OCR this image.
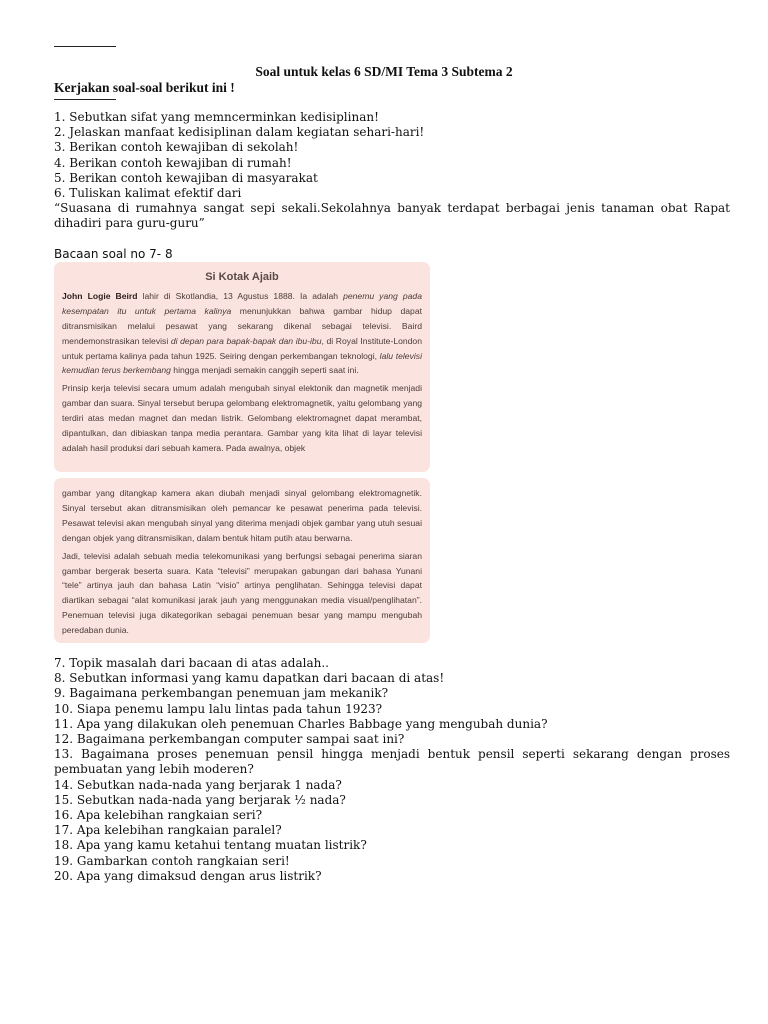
Soal untuk kelas 6 SD/MI Tema 3 Subtema 2
Kerjakan soal-soal berikut ini !
1. Sebutkan sifat yang memncerminkan kedisiplinan!
2. Jelaskan manfaat kedisiplinan dalam kegiatan sehari-hari!
3. Berikan contoh kewajiban di sekolah!
4. Berikan contoh kewajiban di rumah!
5. Berikan contoh kewajiban di masyarakat
6. Tuliskan kalimat efektif dari
“Suasana di rumahnya sangat sepi sekali.Sekolahnya banyak terdapat berbagai jenis tanaman obat Rapat dihadiri para guru-guru”
Bacaan soal no 7- 8
Si Kotak Ajaib

John Logie Beird lahir di Skotlandia, 13 Agustus 1888. Ia adalah penemu yang pada kesempatan itu untuk pertama kalinya menunjukkan bahwa gambar hidup dapat ditransmisikan melalui pesawat yang sekarang dikenal sebagai televisi. Baird mendemonstrasikan televisi di depan para bapak-bapak dan ibu-ibu, di Royal Institute-London untuk pertama kalinya pada tahun 1925. Seiring dengan perkembangan teknologi, lalu televisi kemudian terus berkembang hingga menjadi semakin canggih seperti saat ini.

Prinsip kerja televisi secara umum adalah mengubah sinyal elektonik dan magnetik menjadi gambar dan suara. Sinyal tersebut berupa gelombang elektromagnetik, yaitu gelombang yang terdiri atas medan magnet dan medan listrik. Gelombang elektromagnet dapat merambat, dipantulkan, dan dibiaskan tanpa media perantara. Gambar yang kita lihat di layar televisi adalah hasil produksi dari sebuah kamera. Pada awalnya, objek

gambar yang ditangkap kamera akan diubah menjadi sinyal gelombang elektromagnetik. Sinyal tersebut akan ditransmisikan oleh pemancar ke pesawat penerima pada televisi. Pesawat televisi akan mengubah sinyal yang diterima menjadi objek gambar yang utuh sesuai dengan objek yang ditransmisikan, dalam bentuk hitam putih atau berwarna.

Jadi, televisi adalah sebuah media telekomunikasi yang berfungsi sebagai penerima siaran gambar bergerak beserta suara. Kata “televisi” merupakan gabungan dari bahasa Yunani “tele” artinya jauh dan bahasa Latin “visio” artinya penglihatan. Sehingga televisi dapat diartikan sebagai “alat komunikasi jarak jauh yang menggunakan media visual/penglihatan”. Penemuan televisi juga dikategorikan sebagai penemuan besar yang mampu mengubah peredaban dunia.

7. Topik masalah dari bacaan di atas adalah..
8. Sebutkan informasi yang kamu dapatkan dari bacaan di atas!
9. Bagaimana perkembangan penemuan jam mekanik?
10. Siapa penemu lampu lalu lintas pada tahun 1923?
11. Apa yang dilakukan oleh penemuan Charles Babbage yang mengubah dunia?
12. Bagaimana perkembangan computer sampai saat ini?
13. Bagaimana proses penemuan pensil hingga menjadi bentuk pensil seperti sekarang dengan proses pembuatan yang lebih moderen?
14. Sebutkan nada-nada yang berjarak 1 nada?
15. Sebutkan nada-nada yang berjarak ½ nada?
16. Apa kelebihan rangkaian seri?
17. Apa kelebihan rangkaian paralel?
18. Apa yang kamu ketahui tentang muatan listrik?
19. Gambarkan contoh rangkaian seri!
20. Apa yang dimaksud dengan arus listrik?
